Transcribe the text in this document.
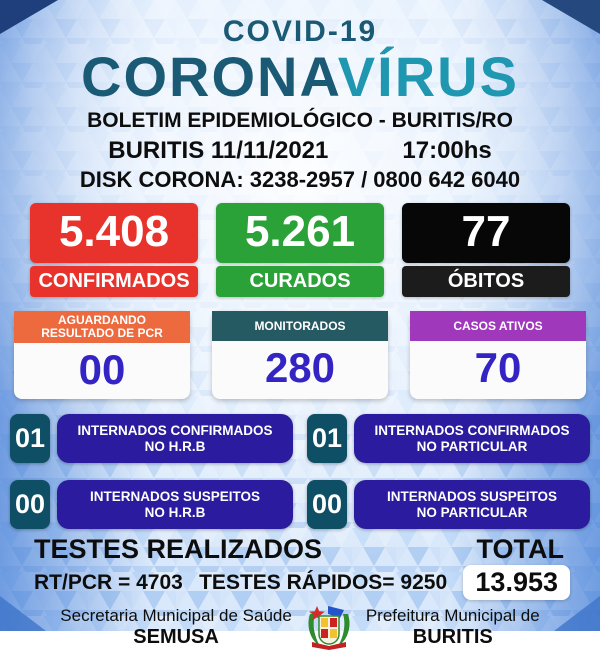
COVID-19
CORONAVÍRUS
BOLETIM EPIDEMIOLÓGICO - BURITIS/RO
BURITIS 11/11/2021	17:00hs
DISK CORONA: 3238-2957 / 0800 642 6040
5.408
CONFIRMADOS
5.261
CURADOS
77
ÓBITOS
AGUARDANDO RESULTADO DE PCR
00
MONITORADOS
280
CASOS ATIVOS
70
01	INTERNADOS CONFIRMADOS
NO H.R.B	01	INTERNADOS CONFIRMADOS
NO PARTICULAR
00	INTERNADOS SUSPEITOS
NO H.R.B	00	INTERNADOS SUSPEITOS
NO PARTICULAR
TESTES REALIZADOS	TOTAL
RT/PCR = 4703 TESTES RÁPIDOS= 9250	13.953
Secretaria Municipal de Saúde
SEMUSA
Prefeitura Municipal de
BURITIS
